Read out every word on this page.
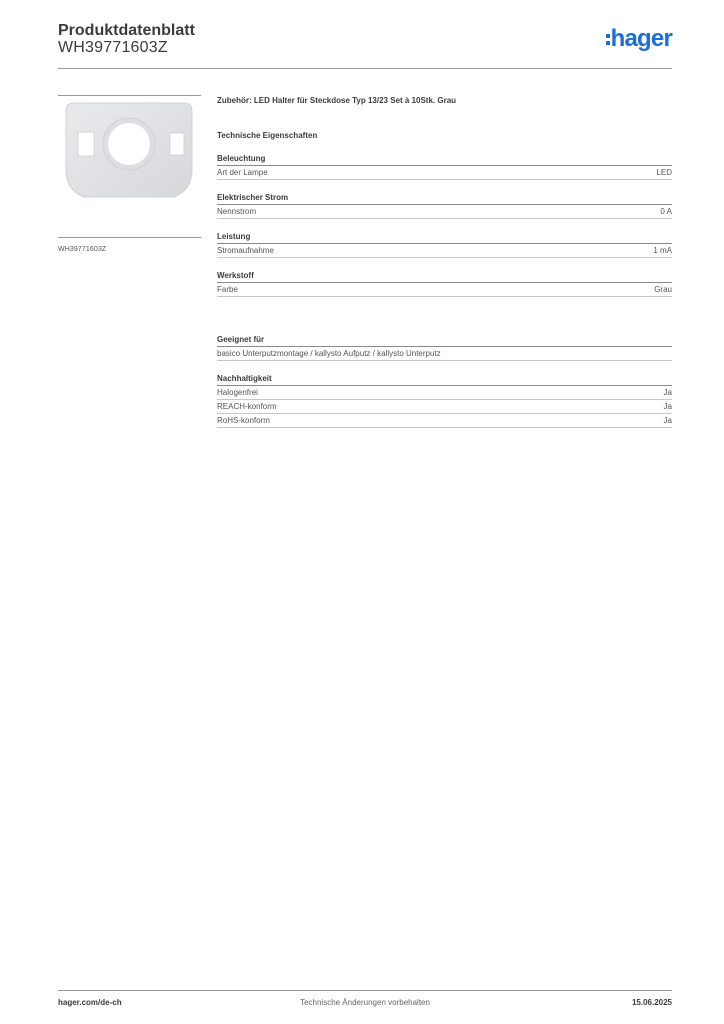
Produktdatenblatt
WH39771603Z	hager
WH39771603Z
Zubehör: LED Halter für Steckdose Typ 13/23 Set à 10Stk. Grau
Technische Eigenschaften
Beleuchtung
Art der Lampe	LED
Elektrischer Strom
Nennstrom	0 A
Leistung
Stromaufnahme	1 mA
Werkstoff
Farbe	Grau
Geeignet für
basico Unterputzmontage / kallysto Aufputz / kallysto Unterputz
Nachhaltigkeit
Halogenfrei	Ja
REACH-konform	Ja
RoHS-konform	Ja
hager.com/de-ch	Technische Änderungen vorbehalten	15.06.2025
